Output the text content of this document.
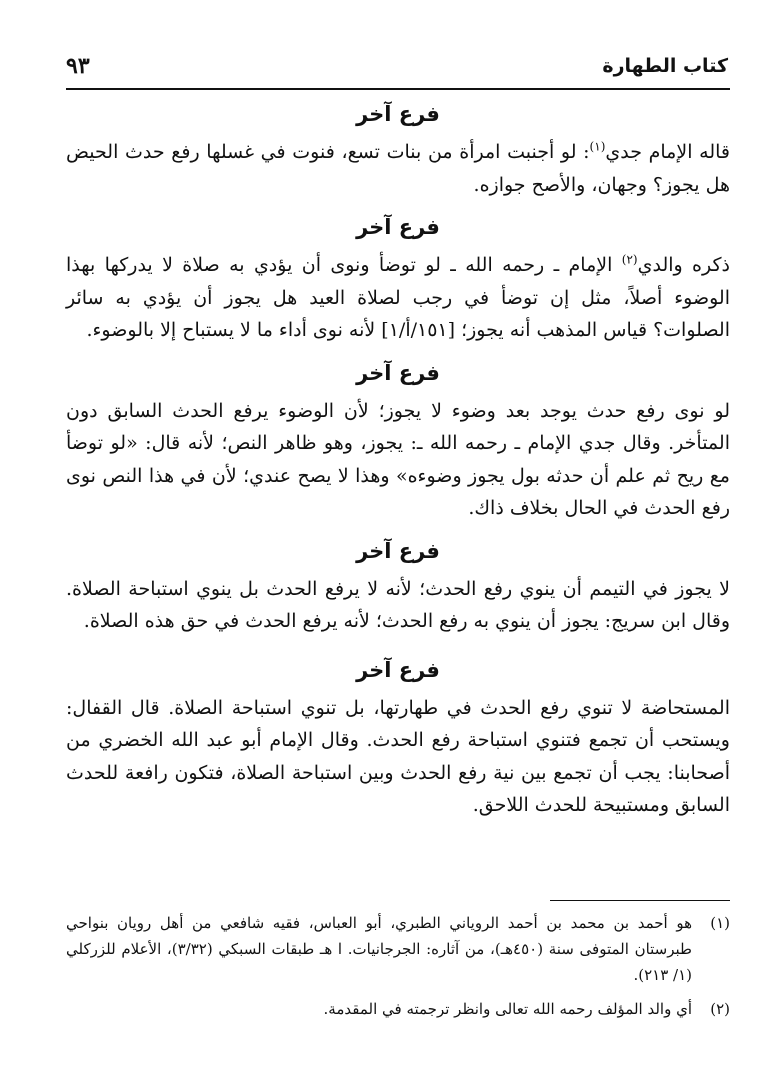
كتاب الطهارة
٩٣

فرع آخر

قاله الإمام جدي$^{(١)}$: لو أجنبت امرأة من بنات تسع، فنوت في غسلها رفع حدث الحيض هل يجوز؟ وجهان، والأصح جوازه.

فرع آخر

ذكره والدي$^{(٢)}$ الإمام ـ رحمه الله ـ لو توضأ ونوى أن يؤدي به صلاة لا يدركها بهذا الوضوء أصلاً، مثل إن توضأ في رجب لصلاة العيد هل يجوز أن يؤدي به سائر الصلوات؟ قياس المذهب أنه يجوز؛ [١٥١/أ/١] لأنه نوى أداء ما لا يستباح إلا بالوضوء.

فرع آخر

لو نوى رفع حدث يوجد بعد وضوء لا يجوز؛ لأن الوضوء يرفع الحدث السابق دون المتأخر. وقال جدي الإمام ـ رحمه الله ـ: يجوز، وهو ظاهر النص؛ لأنه قال: «لو توضأ مع ريح ثم علم أن حدثه بول يجوز وضوءه» وهذا لا يصح عندي؛ لأن في هذا النص نوى رفع الحدث في الحال بخلاف ذاك.

فرع آخر

لا يجوز في التيمم أن ينوي رفع الحدث؛ لأنه لا يرفع الحدث بل ينوي استباحة الصلاة. وقال ابن سريج: يجوز أن ينوي به رفع الحدث؛ لأنه يرفع الحدث في حق هذه الصلاة.

فرع آخر

المستحاضة لا تنوي رفع الحدث في طهارتها، بل تنوي استباحة الصلاة. قال القفال: ويستحب أن تجمع فتنوي استباحة رفع الحدث. وقال الإمام أبو عبد الله الخضري من أصحابنا: يجب أن تجمع بين نية رفع الحدث وبين استباحة الصلاة، فتكون رافعة للحدث السابق ومستبيحة للحدث اللاحق.

(١)
هو أحمد بن محمد بن أحمد الروياني الطبري، أبو العباس، فقيه شافعي من أهل رويان بنواحي طبرستان المتوفى سنة (٤٥٠هـ)، من آثاره: الجرجانيات. ا هـ طبقات السبكي (٣/٣٢)، الأعلام للزركلي (١/ ٢١٣).
(٢)
أي والد المؤلف رحمه الله تعالى وانظر ترجمته في المقدمة.
